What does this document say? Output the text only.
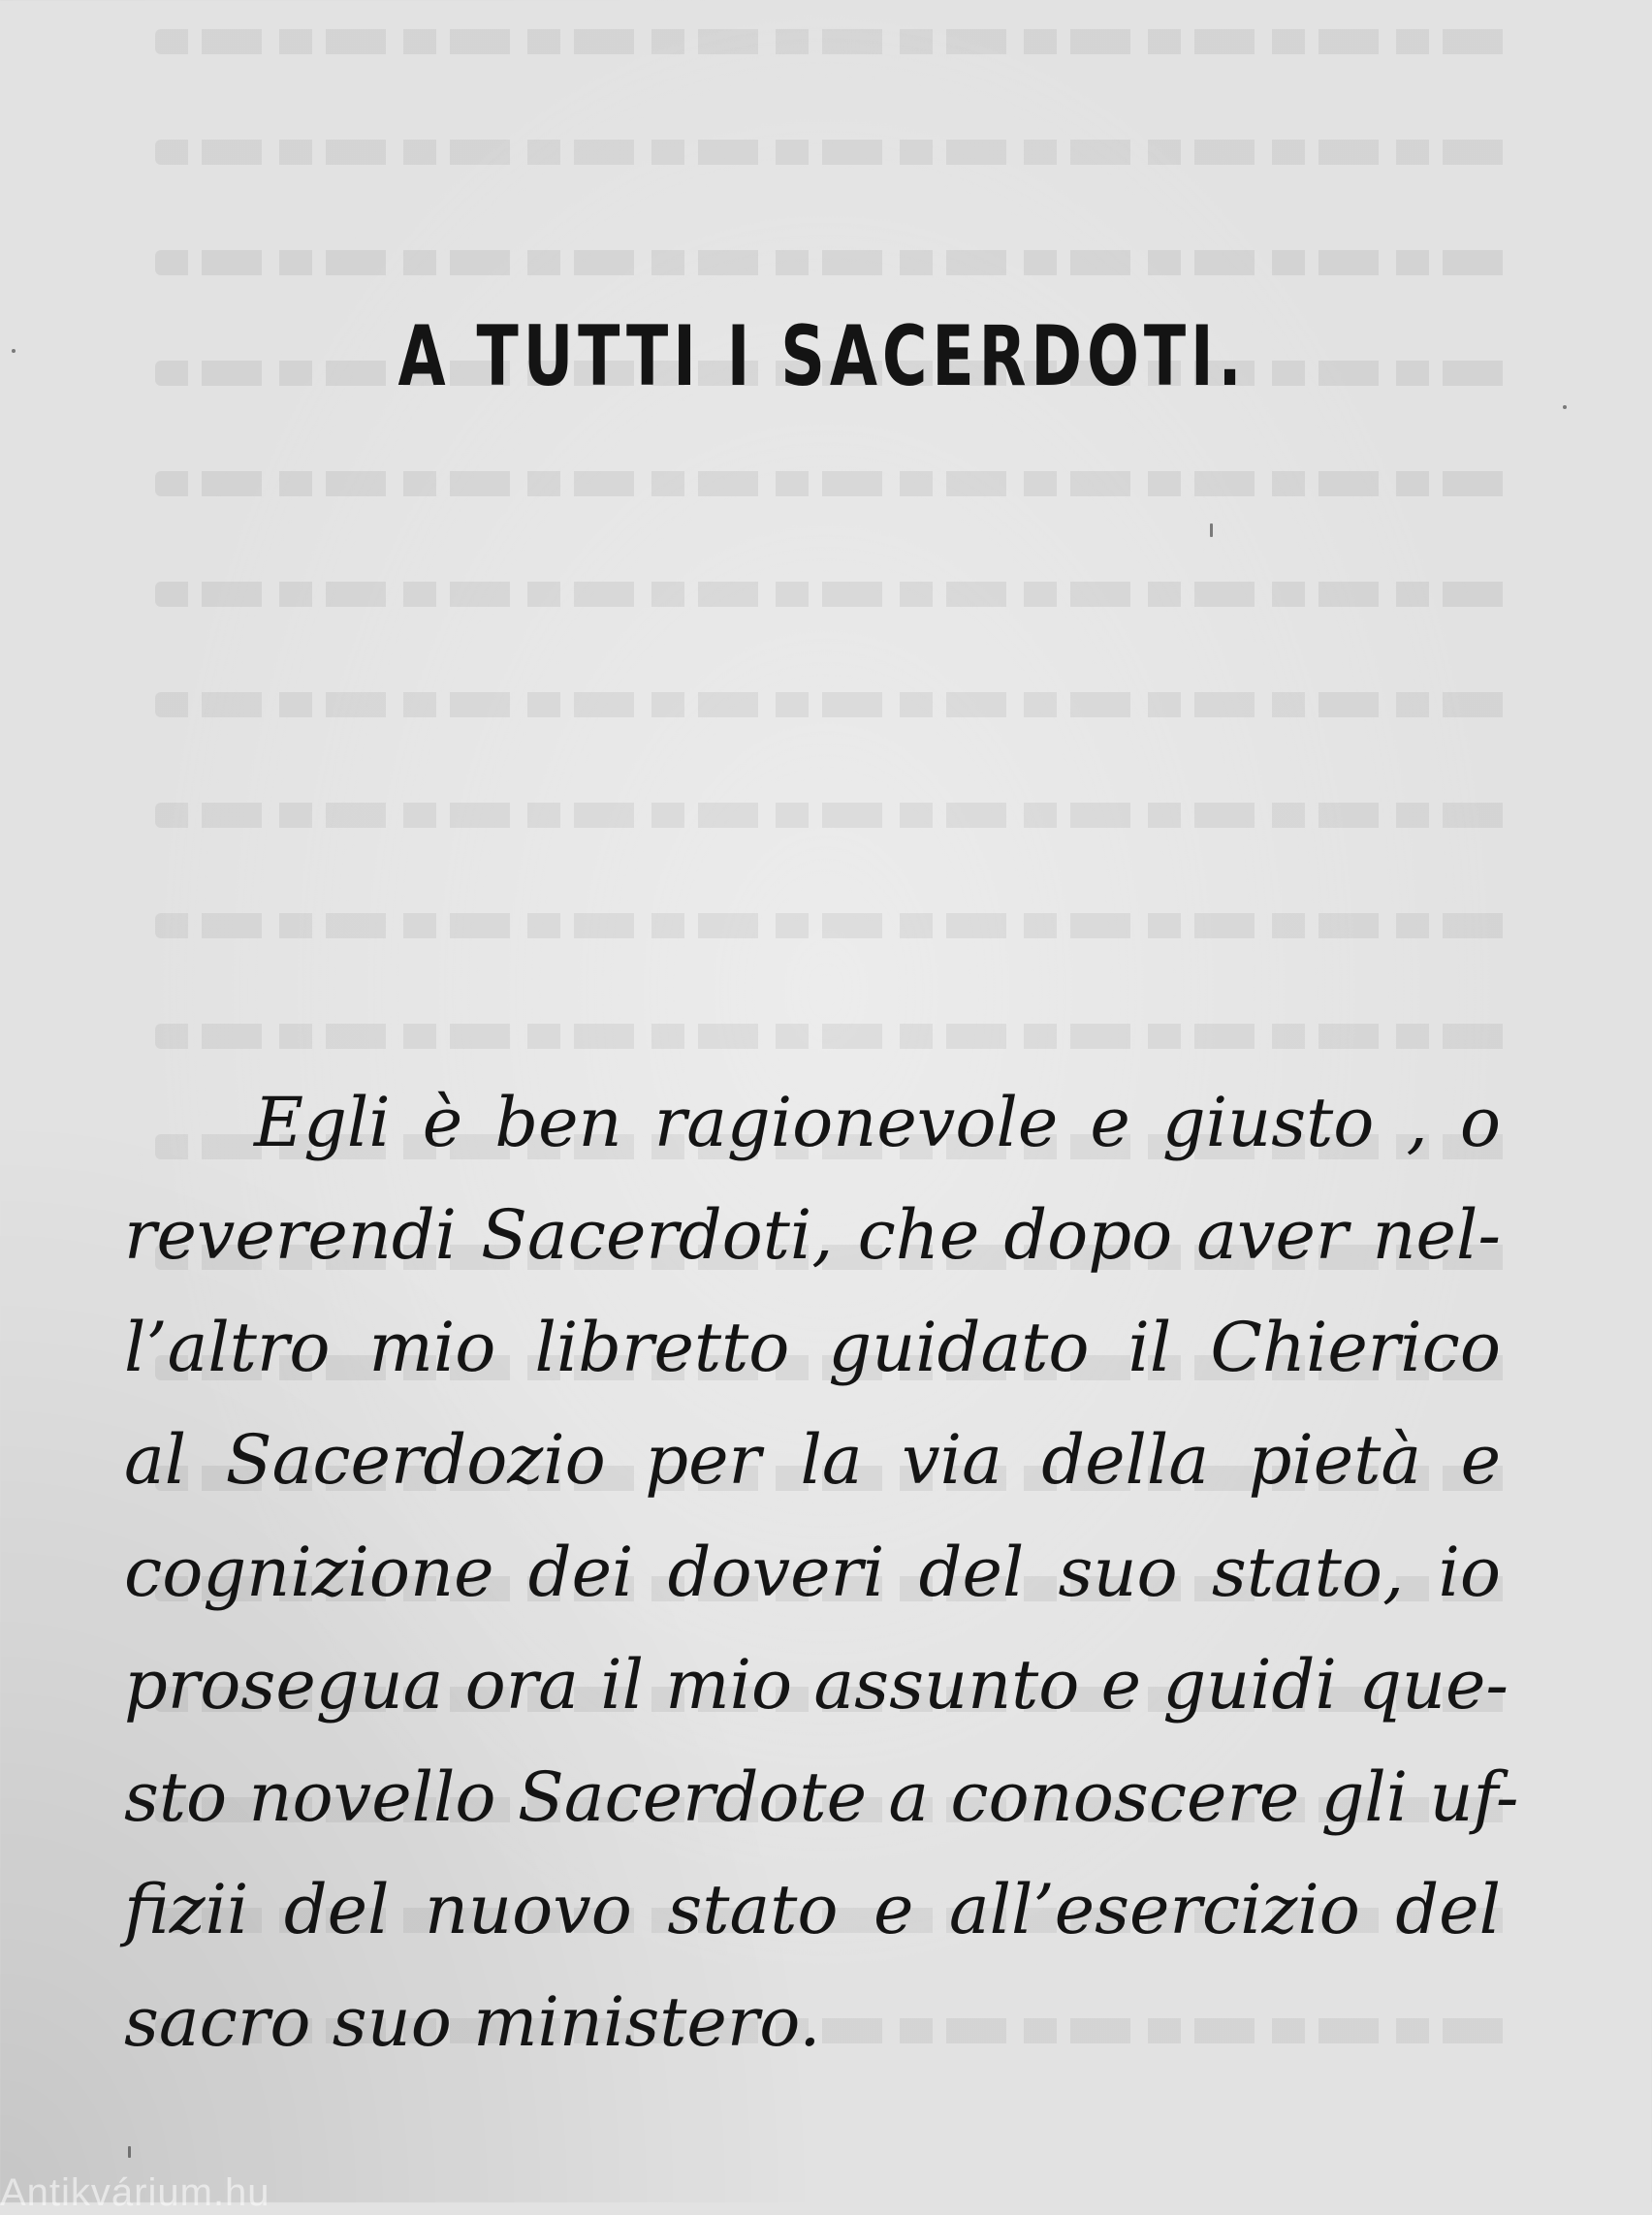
A TUTTI I SACERDOTI.
Egli è ben ragionevole e giusto , o
reverendi Sacerdoti, che dopo aver nel-
l’altro mio libretto guidato il Chierico
al Sacerdozio per la via della pietà e
cognizione dei doveri del suo stato, io
prosegua ora il mio assunto e guidi que-
sto novello Sacerdote a conoscere gli uf-
fizii del nuovo stato e all’esercizio del
sacro suo ministero.
Antikvárium.hu
